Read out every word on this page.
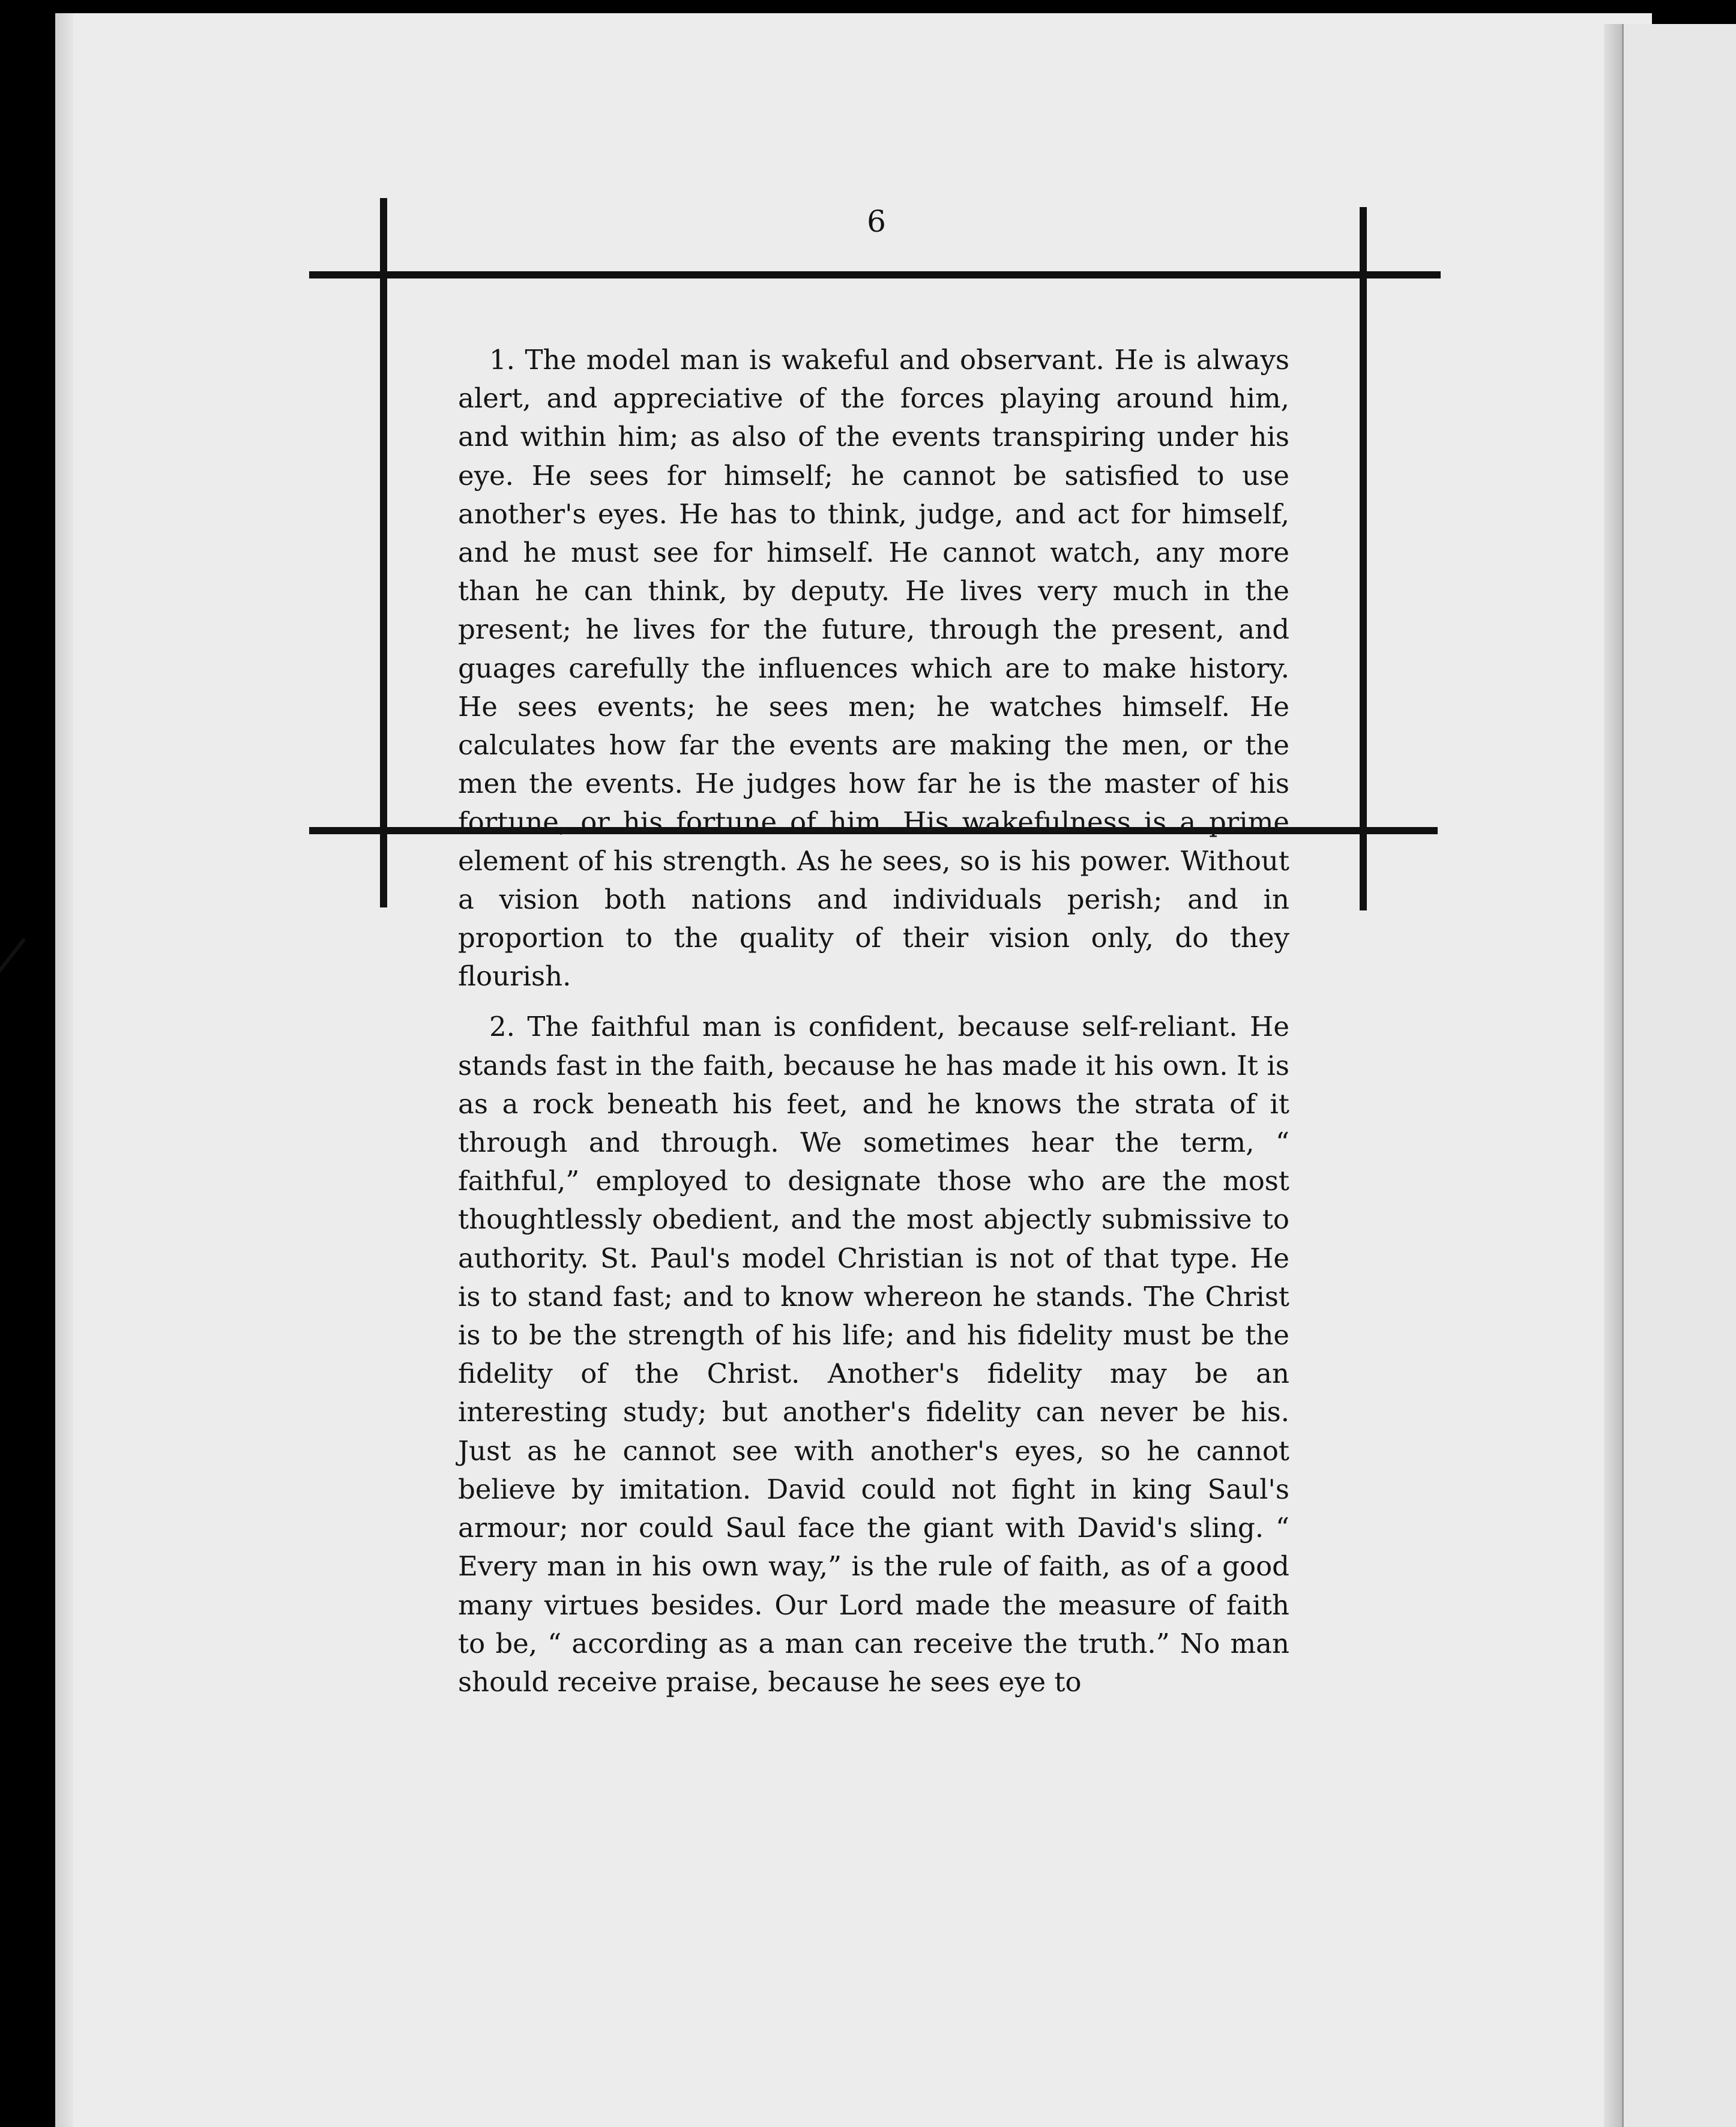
6

1. The model man is wakeful and observant. He is always alert, and appreciative of the forces playing around him, and within him; as also of the events transpiring under his eye. He sees for himself; he cannot be satisfied to use another's eyes. He has to think, judge, and act for himself, and he must see for himself. He cannot watch, any more than he can think, by deputy. He lives very much in the present; he lives for the future, through the present, and guages carefully the influences which are to make history. He sees events; he sees men; he watches himself. He calculates how far the events are making the men, or the men the events. He judges how far he is the master of his fortune, or his fortune of him. His wakefulness is a prime element of his strength. As he sees, so is his power. Without a vision both nations and individuals perish; and in proportion to the quality of their vision only, do they flourish.

2. The faithful man is confident, because self-reliant. He stands fast in the faith, because he has made it his own. It is as a rock beneath his feet, and he knows the strata of it through and through. We sometimes hear the term, “ faithful,” employed to designate those who are the most thoughtlessly obedient, and the most abjectly submissive to authority. St. Paul's model Christian is not of that type. He is to stand fast; and to know whereon he stands. The Christ is to be the strength of his life; and his fidelity must be the fidelity of the Christ. Another's fidelity may be an interesting study; but another's fidelity can never be his. Just as he cannot see with another's eyes, so he cannot believe by imitation. David could not fight in king Saul's armour; nor could Saul face the giant with David's sling. “ Every man in his own way,” is the rule of faith, as of a good many virtues besides. Our Lord made the measure of faith to be, “ according as a man can receive the truth.” No man should receive praise, because he sees eye to
